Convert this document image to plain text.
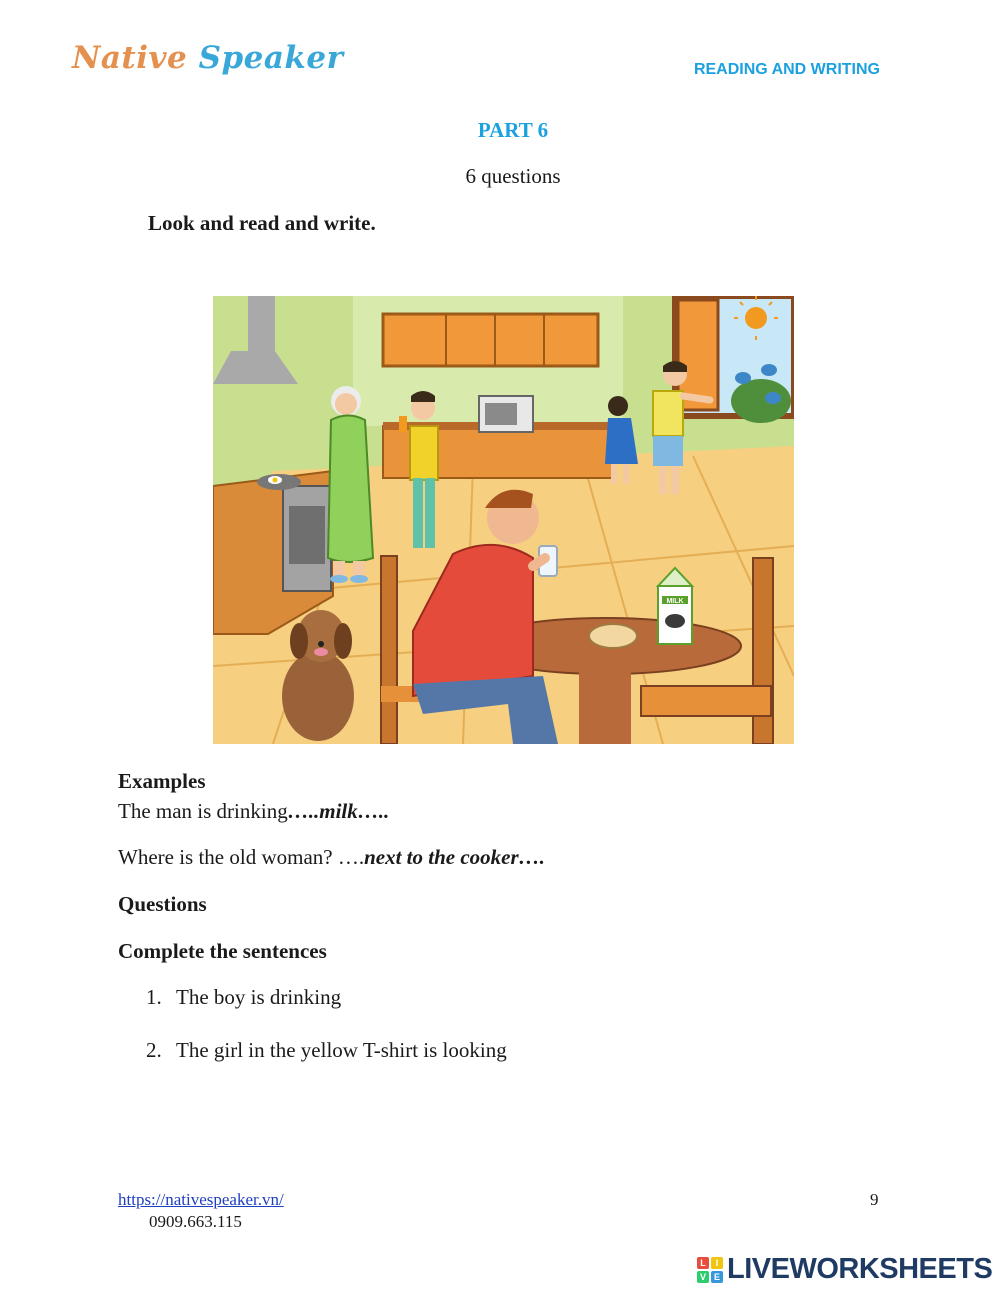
Native Speaker	READING AND WRITING
PART 6
6 questions
Look and read and write.
MILK
Examples
The man is drinking…..milk…..
Where is the old woman? ….next to the cooker….
Questions
Complete the sentences
1. The boy is drinking
2. The girl in the yellow T-shirt is looking
https://nativespeaker.vn/
0909.663.115
9
L	I
V E LIVEWORKSHEETS
